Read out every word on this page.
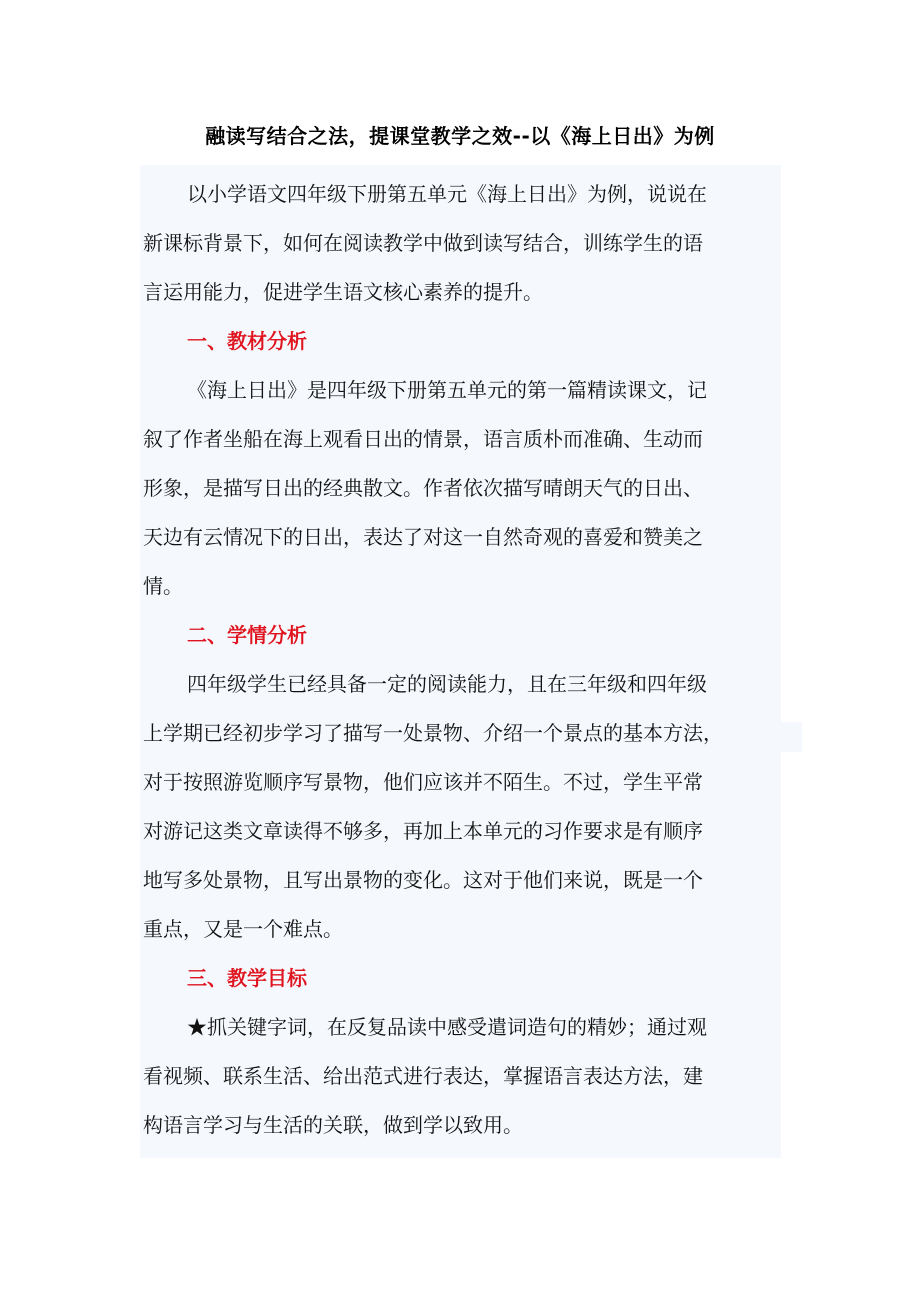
融读写结合之法，提课堂教学之效--以《海上日出》为例
以小学语文四年级下册第五单元《海上日出》为例，说说在
新课标背景下，如何在阅读教学中做到读写结合，训练学生的语
言运用能力，促进学生语文核心素养的提升。
一、教材分析
《海上日出》是四年级下册第五单元的第一篇精读课文，记
叙了作者坐船在海上观看日出的情景，语言质朴而准确、生动而
形象，是描写日出的经典散文。作者依次描写晴朗天气的日出、
天边有云情况下的日出，表达了对这一自然奇观的喜爱和赞美之
情。
二、学情分析
四年级学生已经具备一定的阅读能力，且在三年级和四年级
上学期已经初步学习了描写一处景物、介绍一个景点的基本方法，
对于按照游览顺序写景物，他们应该并不陌生。不过，学生平常
对游记这类文章读得不够多，再加上本单元的习作要求是有顺序
地写多处景物，且写出景物的变化。这对于他们来说，既是一个
重点，又是一个难点。
三、教学目标
★抓关键字词，在反复品读中感受遣词造句的精妙；通过观
看视频、联系生活、给出范式进行表达，掌握语言表达方法，建
构语言学习与生活的关联，做到学以致用。
